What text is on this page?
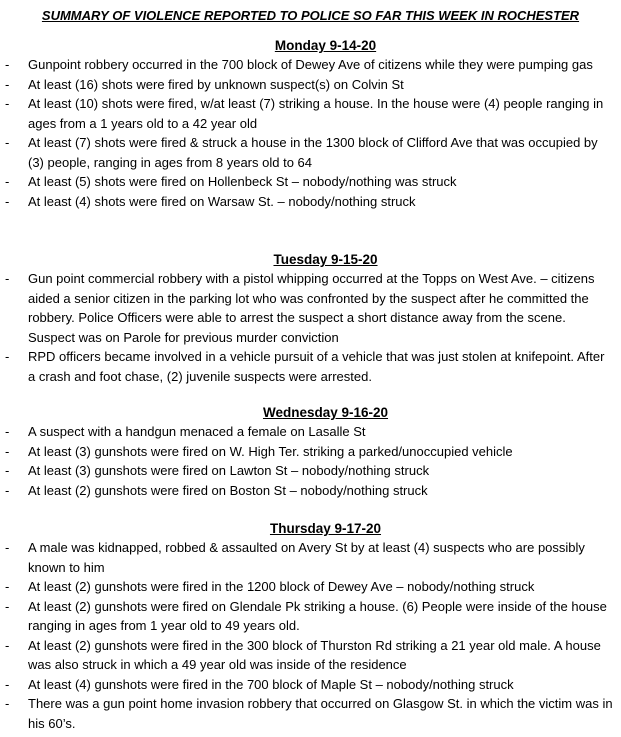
SUMMARY OF VIOLENCE REPORTED TO POLICE SO FAR THIS WEEK IN ROCHESTER
Monday 9-14-20
-	Gunpoint robbery occurred in the 700 block of Dewey Ave of citizens while they were pumping gas
-	At least (16) shots were fired by unknown suspect(s) on Colvin St
-	At least (10) shots were fired, w/at least (7) striking a house. In the house were (4) people ranging in ages from a 1 years old to a 42 year old
-	At least (7) shots were fired & struck a house in the 1300 block of Clifford Ave that was occupied by (3) people, ranging in ages from 8 years old to 64
-	At least (5) shots were fired on Hollenbeck St – nobody/nothing was struck
-	At least (4) shots were fired on Warsaw St. – nobody/nothing struck
Tuesday 9-15-20
-	Gun point commercial robbery with a pistol whipping occurred at the Topps on West Ave. – citizens aided a senior citizen in the parking lot who was confronted by the suspect after he committed the robbery. Police Officers were able to arrest the suspect a short distance away from the scene. Suspect was on Parole for previous murder conviction
-	RPD officers became involved in a vehicle pursuit of a vehicle that was just stolen at knifepoint. After a crash and foot chase, (2) juvenile suspects were arrested.
Wednesday 9-16-20
-	A suspect with a handgun menaced a female on Lasalle St
-	At least (3) gunshots were fired on W. High Ter. striking a parked/unoccupied vehicle
-	At least (3) gunshots were fired on Lawton St – nobody/nothing struck
-	At least (2) gunshots were fired on Boston St – nobody/nothing struck
Thursday 9-17-20
-	A male was kidnapped, robbed & assaulted on Avery St by at least (4) suspects who are possibly known to him
-	At least (2) gunshots were fired in the 1200 block of Dewey Ave – nobody/nothing struck
-	At least (2) gunshots were fired on Glendale Pk striking a house. (6) People were inside of the house ranging in ages from 1 year old to 49 years old.
-	At least (2) gunshots were fired in the 300 block of Thurston Rd striking a 21 year old male. A house was also struck in which a 49 year old was inside of the residence
-	At least (4) gunshots were fired in the 700 block of Maple St – nobody/nothing struck
-	There was a gun point home invasion robbery that occurred on Glasgow St. in which the victim was in his 60’s.
